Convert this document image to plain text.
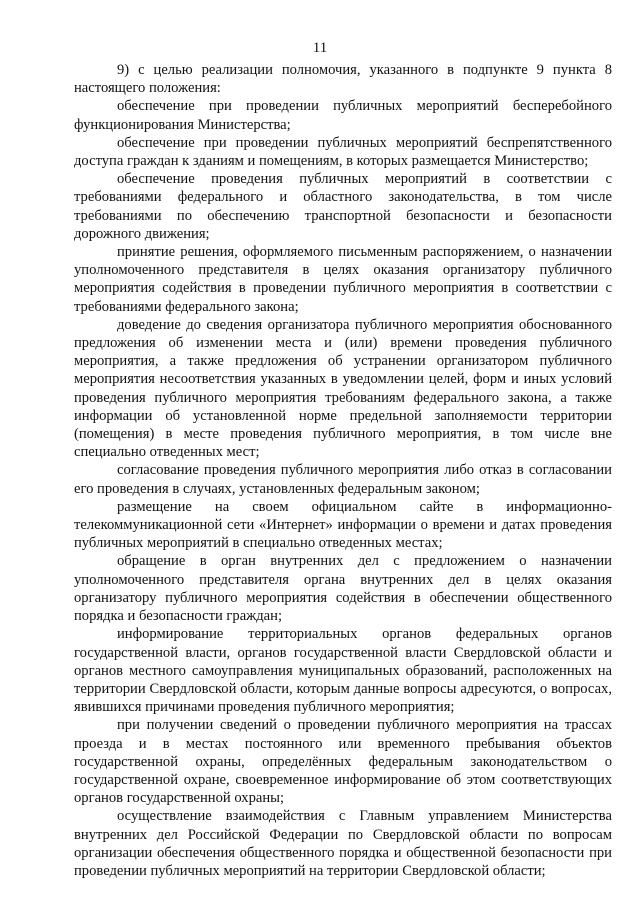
11

9) с целью реализации полномочия, указанного в подпункте 9 пункта 8 настоящего положения:

обеспечение при проведении публичных мероприятий бесперебойного функционирования Министерства;

обеспечение при проведении публичных мероприятий беспрепятственного доступа граждан к зданиям и помещениям, в которых размещается Министерство;

обеспечение проведения публичных мероприятий в соответствии с требованиями федерального и областного законодательства, в том числе требованиями по обеспечению транспортной безопасности и безопасности дорожного движения;

принятие решения, оформляемого письменным распоряжением, о назначении уполномоченного представителя в целях оказания организатору публичного мероприятия содействия в проведении публичного мероприятия в соответствии с требованиями федерального закона;

доведение до сведения организатора публичного мероприятия обоснованного предложения об изменении места и (или) времени проведения публичного мероприятия, а также предложения об устранении организатором публичного мероприятия несоответствия указанных в уведомлении целей, форм и иных условий проведения публичного мероприятия требованиям федерального закона, а также информации об установленной норме предельной заполняемости территории (помещения) в месте проведения публичного мероприятия, в том числе вне специально отведенных мест;

согласование проведения публичного мероприятия либо отказ в согласовании его проведения в случаях, установленных федеральным законом;

размещение на своем официальном сайте в информационно-телекоммуникационной сети «Интернет» информации о времени и датах проведения публичных мероприятий в специально отведенных местах;

обращение в орган внутренних дел с предложением о назначении уполномоченного представителя органа внутренних дел в целях оказания организатору публичного мероприятия содействия в обеспечении общественного порядка и безопасности граждан;

информирование территориальных органов федеральных органов государственной власти, органов государственной власти Свердловской области и органов местного самоуправления муниципальных образований, расположенных на территории Свердловской области, которым данные вопросы адресуются, о вопросах, явившихся причинами проведения публичного мероприятия;

при получении сведений о проведении публичного мероприятия на трассах проезда и в местах постоянного или временного пребывания объектов государственной охраны, определённых федеральным законодательством о государственной охране, своевременное информирование об этом соответствующих органов государственной охраны;

осуществление взаимодействия с Главным управлением Министерства внутренних дел Российской Федерации по Свердловской области по вопросам организации обеспечения общественного порядка и общественной безопасности при проведении публичных мероприятий на территории Свердловской области;
